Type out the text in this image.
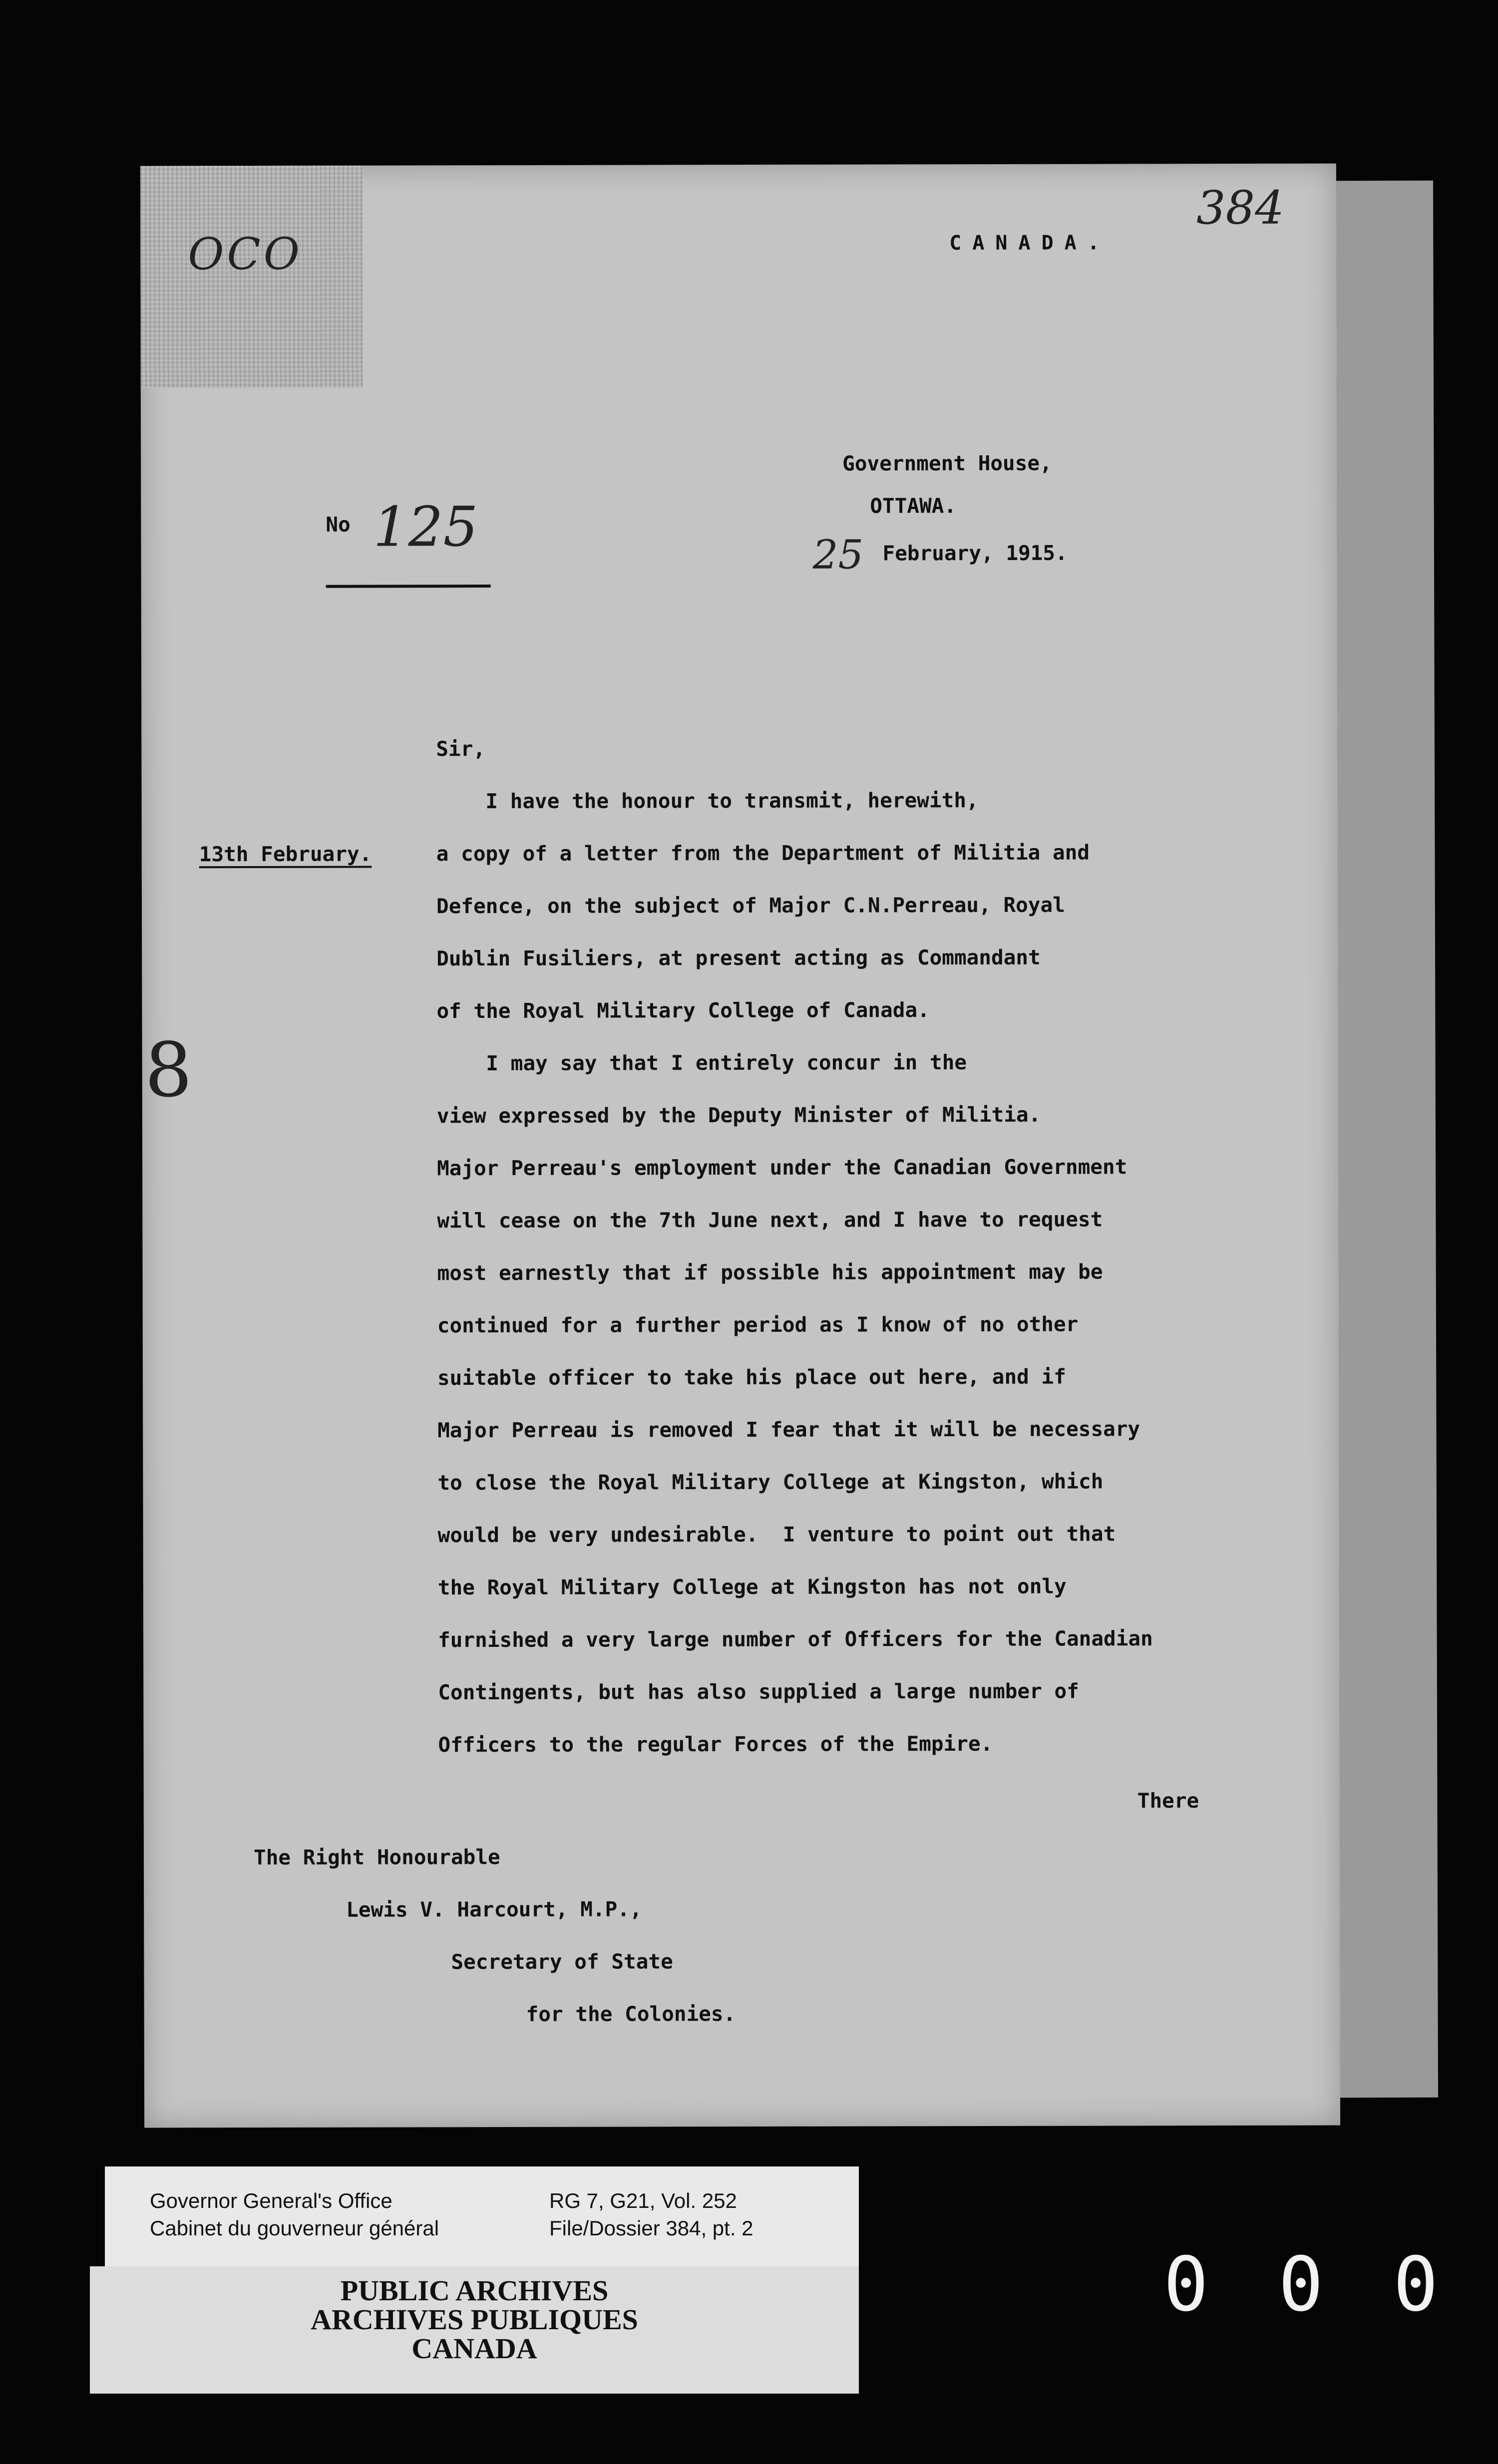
OCO
384
CANADA.
Government House,
OTTAWA.
No 125	25 February, 1915.
Sir,
13th February.
8
I have the honour to transmit, herewith,
a copy of a letter from the Department of Militia and
Defence, on the subject of Major C.N.Perreau, Royal
Dublin Fusiliers, at present acting as Commandant
of the Royal Military College of Canada.
I may say that I entirely concur in the
view expressed by the Deputy Minister of Militia.
Major Perreau's employment under the Canadian Government
will cease on the 7th June next, and I have to request
most earnestly that if possible his appointment may be
continued for a further period as I know of no other
suitable officer to take his place out here, and if
Major Perreau is removed I fear that it will be necessary
to close the Royal Military College at Kingston, which
would be very undesirable.  I venture to point out that
the Royal Military College at Kingston has not only
furnished a very large number of Officers for the Canadian
Contingents, but has also supplied a large number of
Officers to the regular Forces of the Empire.
There
The Right Honourable
Lewis V. Harcourt, M.P.,
Secretary of State
for the Colonies.
Governor General's Office
Cabinet du gouverneur général
RG 7, G21, Vol. 252
File/Dossier 384, pt. 2
PUBLIC ARCHIVES
ARCHIVES PUBLIQUES
CANADA
0 0 0
